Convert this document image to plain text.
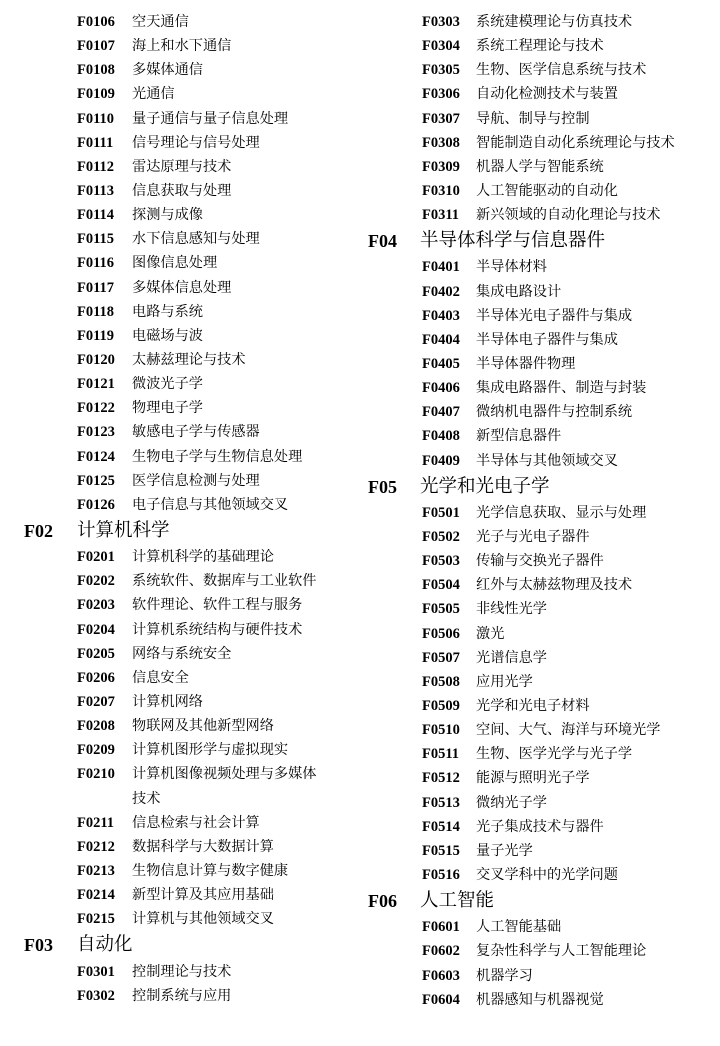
F0106 空天通信
F0107 海上和水下通信
F0108 多媒体通信
F0109 光通信
F0110 量子通信与量子信息处理
F0111 信号理论与信号处理
F0112 雷达原理与技术
F0113 信息获取与处理
F0114 探测与成像
F0115 水下信息感知与处理
F0116 图像信息处理
F0117 多媒体信息处理
F0118 电路与系统
F0119 电磁场与波
F0120 太赫兹理论与技术
F0121 微波光子学
F0122 物理电子学
F0123 敏感电子学与传感器
F0124 生物电子学与生物信息处理
F0125 医学信息检测与处理
F0126 电子信息与其他领域交叉
F02 计算机科学
F0201 计算机科学的基础理论
F0202 系统软件、数据库与工业软件
F0203 软件理论、软件工程与服务
F0204 计算机系统结构与硬件技术
F0205 网络与系统安全
F0206 信息安全
F0207 计算机网络
F0208 物联网及其他新型网络
F0209 计算机图形学与虚拟现实
F0210 计算机图像视频处理与多媒体
技术
F0211 信息检索与社会计算
F0212 数据科学与大数据计算
F0213 生物信息计算与数字健康
F0214 新型计算及其应用基础
F0215 计算机与其他领域交叉
F03 自动化
F0301 控制理论与技术
F0302 控制系统与应用
F0303 系统建模理论与仿真技术
F0304 系统工程理论与技术
F0305 生物、医学信息系统与技术
F0306 自动化检测技术与装置
F0307 导航、制导与控制
F0308 智能制造自动化系统理论与技术
F0309 机器人学与智能系统
F0310 人工智能驱动的自动化
F0311 新兴领域的自动化理论与技术
F04 半导体科学与信息器件
F0401 半导体材料
F0402 集成电路设计
F0403 半导体光电子器件与集成
F0404 半导体电子器件与集成
F0405 半导体器件物理
F0406 集成电路器件、制造与封装
F0407 微纳机电器件与控制系统
F0408 新型信息器件
F0409 半导体与其他领域交叉
F05 光学和光电子学
F0501 光学信息获取、显示与处理
F0502 光子与光电子器件
F0503 传输与交换光子器件
F0504 红外与太赫兹物理及技术
F0505 非线性光学
F0506 激光
F0507 光谱信息学
F0508 应用光学
F0509 光学和光电子材料
F0510 空间、大气、海洋与环境光学
F0511 生物、医学光学与光子学
F0512 能源与照明光子学
F0513 微纳光子学
F0514 光子集成技术与器件
F0515 量子光学
F0516 交叉学科中的光学问题
F06 人工智能
F0601 人工智能基础
F0602 复杂性科学与人工智能理论
F0603 机器学习
F0604 机器感知与机器视觉
